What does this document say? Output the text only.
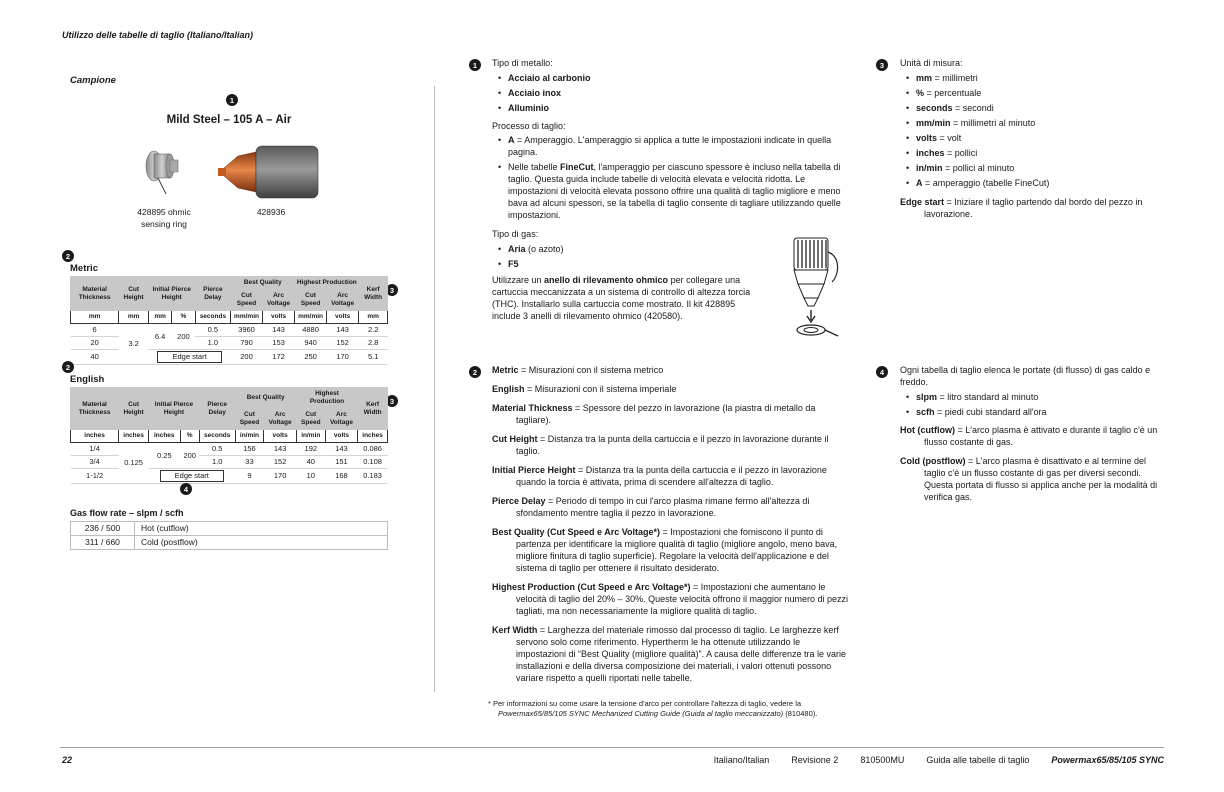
Utilizzo delle tabelle di taglio (Italiano/Italian)
Campione
1
Mild Steel – 105 A – Air
428895 ohmic
sensing ring
428936
2
Metric
3
Material Thickness	Cut Height	Initial Pierce Height		Pierce Delay	Best Quality		Highest Production		Kerf Width
					Cut Speed	Arc Voltage	Cut Speed	Arc Voltage	
mm	mm	mm	%	seconds	mm/min	volts	mm/min	volts	mm
6	3.2	6.4	200	0.5	3960	143	4880	143	2.2
20				1.0	790	153	940	152	2.8
40		Edge start			200	172	250	170	5.1
2
English
3
Material Thickness	Cut Height	Initial Pierce Height		Pierce Delay	Best Quality		Highest Production		Kerf Width
					Cut Speed	Arc Voltage	Cut Speed	Arc Voltage	
inches	inches	inches	%	seconds	in/min	volts	in/min	volts	inches
1/4	0.125	0.25	200	0.5	156	143	192	143	0.086
3/4				1.0	33	152	40	151	0.108
1-1/2		Edge start			9	170	10	168	0.183
4
Gas flow rate – slpm / scfh
236 / 500	Hot (cutflow)
311 / 660	Cold (postflow)
1	Tipo di metallo:
• Acciaio al carbonio
• Acciaio inox
• Alluminio
Processo di taglio:
• A = Amperaggio. L'amperaggio si applica a tutte le impostazioni indicate in quella pagina.
• Nelle tabelle FineCut, l'amperaggio per ciascuno spessore è incluso nella tabella di taglio. Questa guida include tabelle di velocità elevata e velocità ridotta. Le impostazioni di velocità elevata possono offrire una qualità di taglio migliore e meno bava ad alcuni spessori, se la tabella di taglio consente di tagliare utilizzando quelle impostazioni.
Tipo di gas:
• Aria (o azoto)
• F5
Utilizzare un anello di rilevamento ohmico per collegare una cartuccia meccanizzata a un sistema di controllo di altezza torcia (THC). Installarlo sulla cartuccia come mostrato. Il kit 428895 include 3 anelli di rilevamento ohmico (420580).
3	Unità di misura:
• mm = millimetri
• % = percentuale
• seconds = secondi
• mm/min = millimetri al minuto
• volts = volt
• inches = pollici
• in/min = pollici al minuto
• A = amperaggio (tabelle FineCut)
Edge start = Iniziare il taglio partendo dal bordo del pezzo in lavorazione.
2	Metric = Misurazioni con il sistema metrico
English = Misurazioni con il sistema imperiale
Material Thickness = Spessore del pezzo in lavorazione (la piastra di metallo da tagliare).
Cut Height = Distanza tra la punta della cartuccia e il pezzo in lavorazione durante il taglio.
Initial Pierce Height = Distanza tra la punta della cartuccia e il pezzo in lavorazione quando la torcia è attivata, prima di scendere all'altezza di taglio.
Pierce Delay = Periodo di tempo in cui l'arco plasma rimane fermo all'altezza di sfondamento mentre taglia il pezzo in lavorazione.
Best Quality (Cut Speed e Arc Voltage*) = Impostazioni che forniscono il punto di partenza per identificare la migliore qualità di taglio (migliore angolo, meno bava, migliore finitura di taglio superficie). Regolare la velocità dell'applicazione e del sistema di taglio per ottenere il risultato desiderato.
Highest Production (Cut Speed e Arc Voltage*) = Impostazioni che aumentano le velocità di taglio del 20% – 30%. Queste velocità offrono il maggior numero di pezzi tagliati, ma non necessariamente la migliore qualità di taglio.
Kerf Width = Larghezza del materiale rimosso dal processo di taglio. Le larghezze kerf servono solo come riferimento. Hypertherm le ha ottenute utilizzando le impostazioni di “Best Quality (migliore qualità)”. A causa delle differenze tra le varie installazioni e della diversa composizione dei materiali, i valori ottenuti possono variare rispetto a quelli riportati nelle tabelle.
* Per informazioni su come usare la tensione d'arco per controllare l'altezza di taglio, vedere la Powermax65/85/105 SYNC Mechanized Cutting Guide (Guida al taglio meccanizzato) (810480).
4	Ogni tabella di taglio elenca le portate (di flusso) di gas caldo e freddo.
• slpm = litro standard al minuto
• scfh = piedi cubi standard all'ora
Hot (cutflow) = L'arco plasma è attivato e durante il taglio c'è un flusso costante di gas.
Cold (postflow) = L'arco plasma è disattivato e al termine del taglio c'è un flusso costante di gas per diversi secondi. Questa portata di flusso si applica anche per la modalità di verifica gas.
22	Italiano/Italian Revisione 2 810500MU Guida alle tabelle di taglio Powermax65/85/105 SYNC
